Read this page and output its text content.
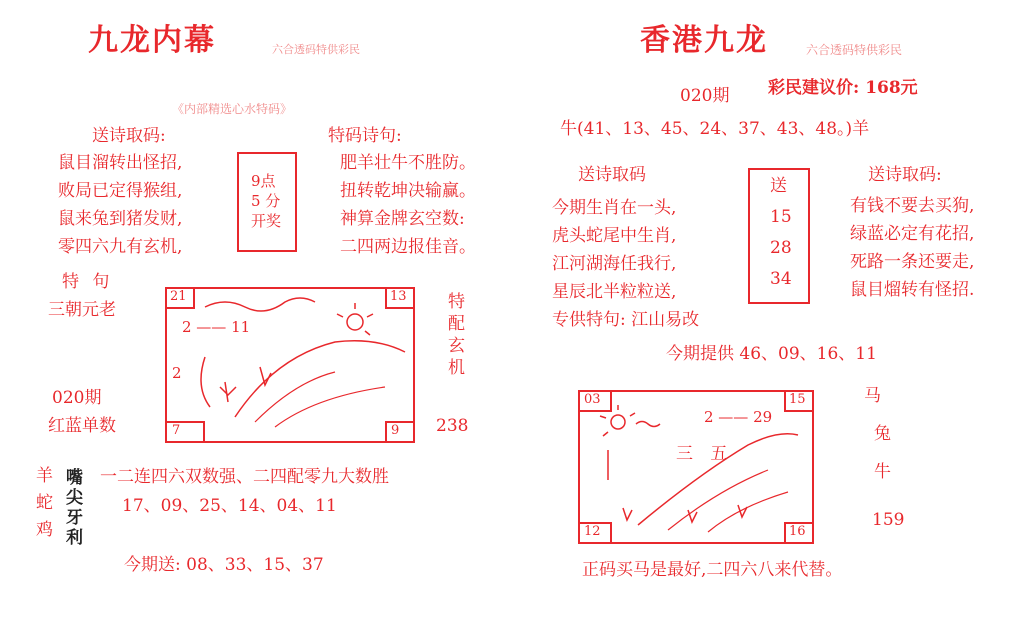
九龙内幕	六合透码特供彩民
《内部精选心水特码》
送诗取码:
鼠目溜转出怪招,
败局已定得猴组,
鼠来兔到猪发财,
零四六九有玄机,
9点
5 分
开奖
特码诗句:
肥羊壮牛不胜防。
扭转乾坤决输赢。
神算金牌玄空数:
二四两边报佳音。
特 句
三朝元老
020期
红蓝单数
21	13
7	9
2 —— 11
2
特
配
玄
机
238
羊
蛇
鸡
嘴
尖
牙
利
一二连四六双数强、二四配零九大数胜
17、09、25、14、04、11
今期送: 08、33、15、37
香港九龙	六合透码特供彩民
020期 彩民建议价: 168元
牛(41、13、45、24、37、43、48。)羊
送诗取码
今期生肖在一头,
虎头蛇尾中生肖,
江河湖海任我行,
星辰北半粒粒送,
专供特句: 江山易改
送
15
28
34
送诗取码:
有钱不要去买狗,
绿蓝必定有花招,
死路一条还要走,
鼠目熘转有怪招.
今期提供 46、09、16、11
03	15
12	16
2 —— 29
三 五
马
兔
牛
159
正码买马是最好,二四六八来代替。
